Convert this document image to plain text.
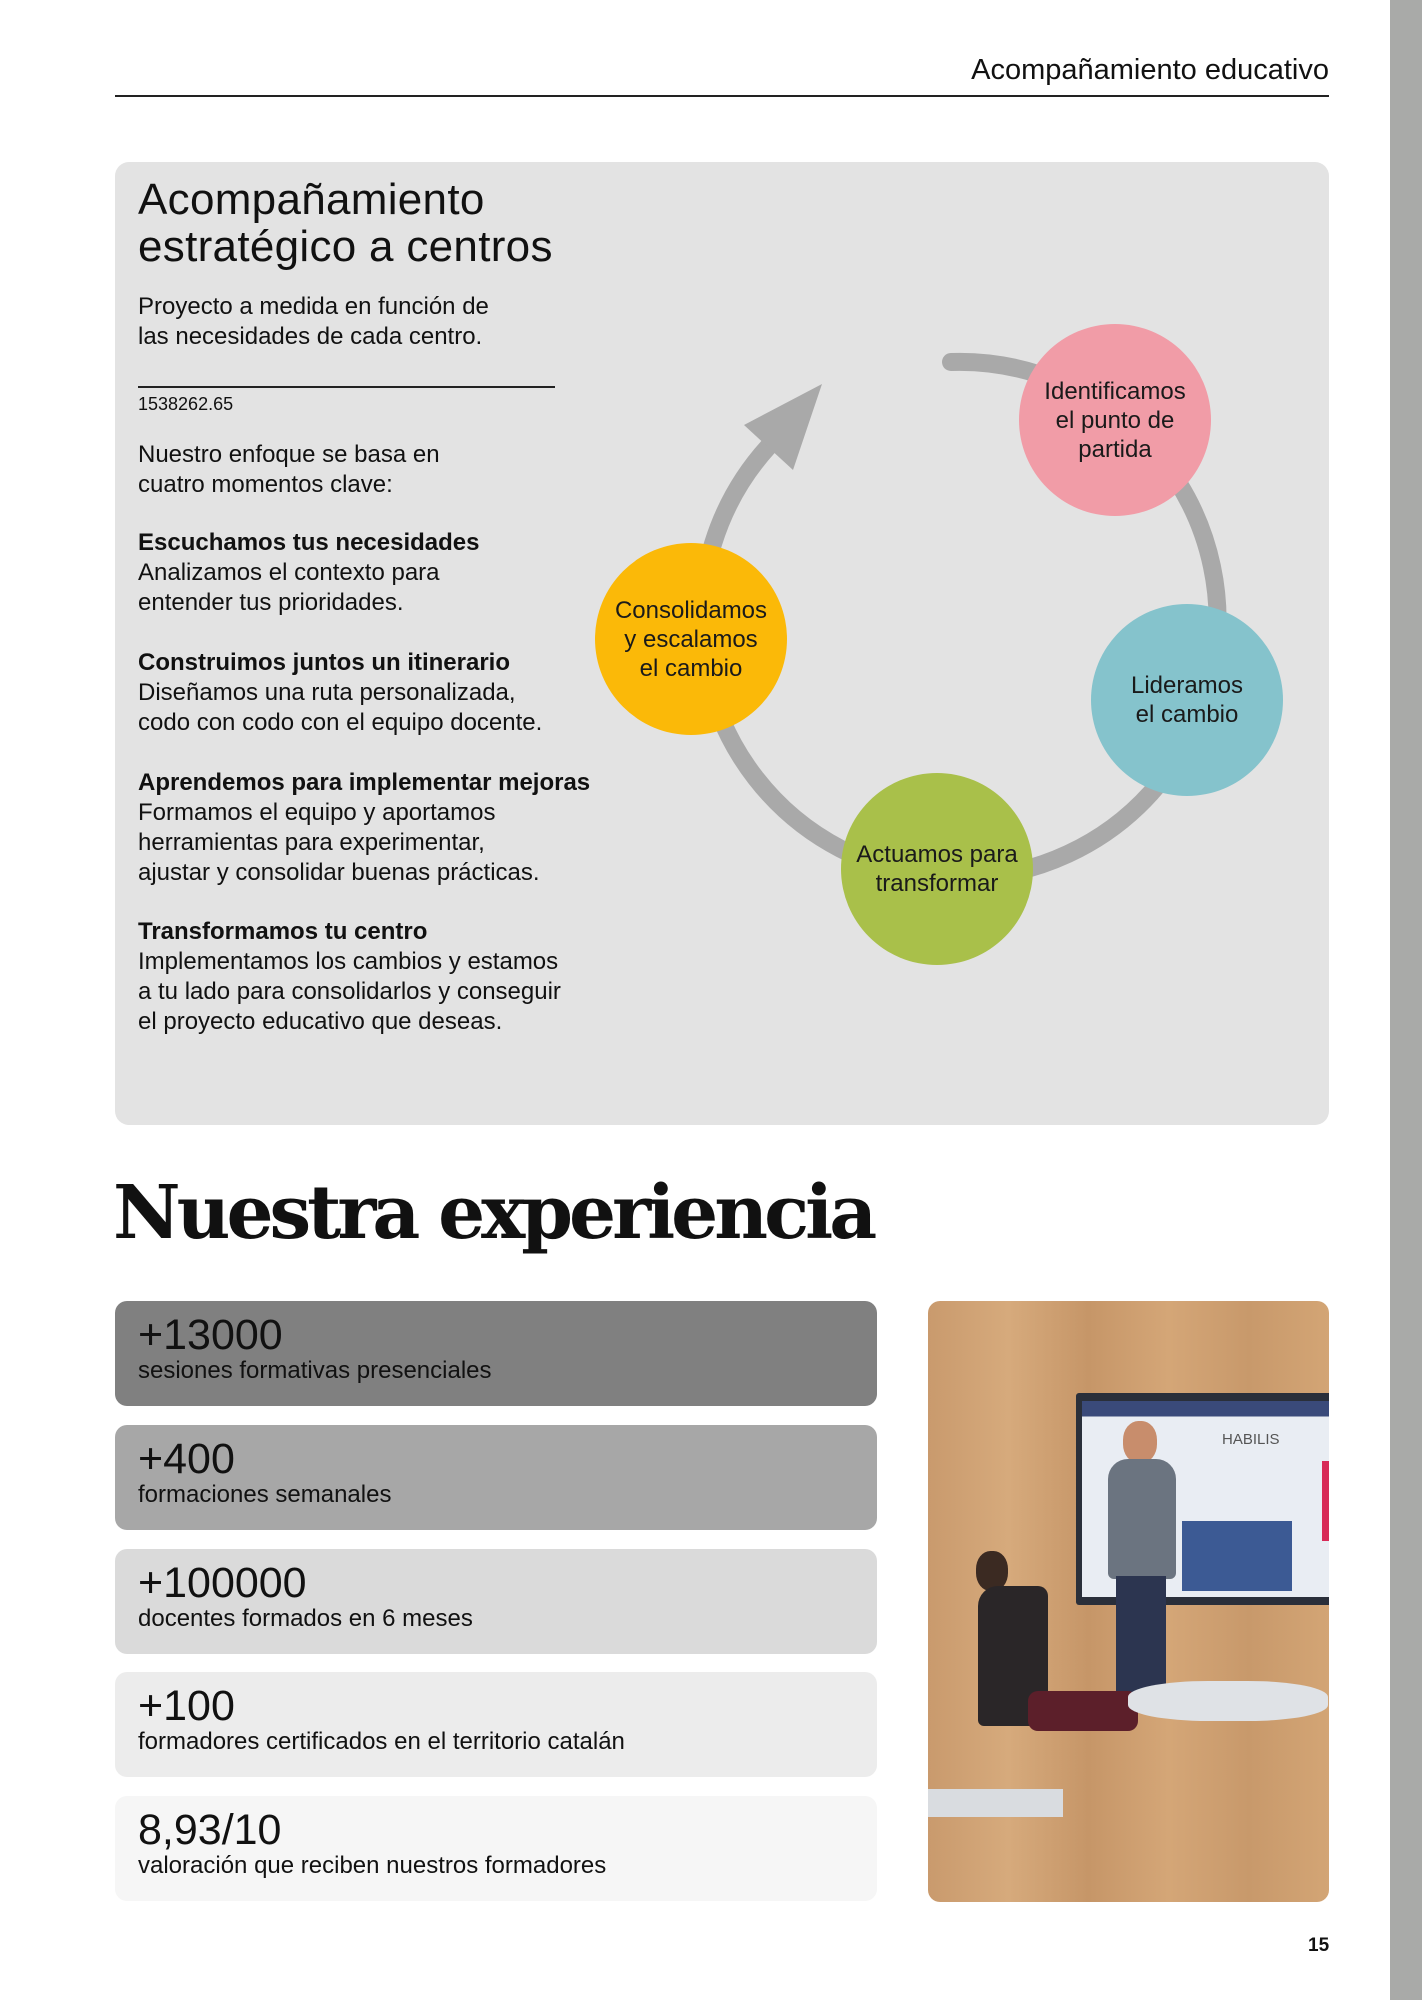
Acompañamiento educativo
Acompañamiento
estratégico a centros
Proyecto a medida en función de
las necesidades de cada centro.
1538262.65
Nuestro enfoque se basa en
cuatro momentos clave:
Escuchamos tus necesidades
Analizamos el contexto para
entender tus prioridades.
Construimos juntos un itinerario
Diseñamos una ruta personalizada,
codo con codo con el equipo docente.
Aprendemos para implementar mejoras
Formamos el equipo y aportamos
herramientas para experimentar,
ajustar y consolidar buenas prácticas.
Transformamos tu centro
Implementamos los cambios y estamos
a tu lado para consolidarlos y conseguir
el proyecto educativo que deseas.
Identificamos
el punto de
partida
Lideramos
el cambio
Actuamos para
transformar
Consolidamos
y escalamos
el cambio
Nuestra experiencia
+13000
sesiones formativas presenciales
+400
formaciones semanales
+100000
docentes formados en 6 meses
+100
formadores certificados en el territorio catalán
8,93/10
valoración que reciben nuestros formadores
HABILIS
15
